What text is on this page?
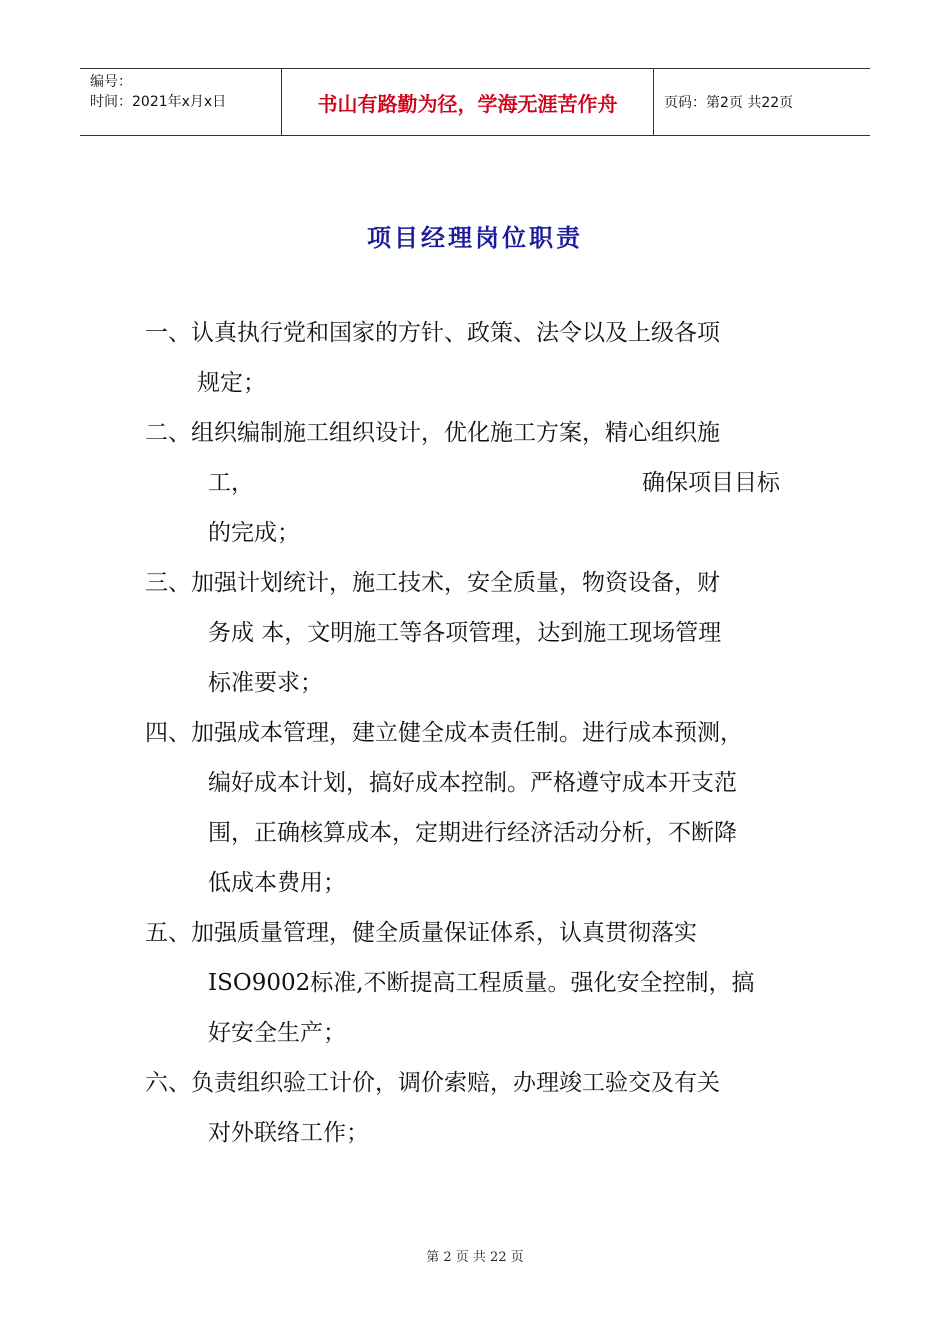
编号：
时间：2021年x月x日	书山有路勤为径，学海无涯苦作舟	页码：第2页 共22页
项目经理岗位职责
一、认真执行党和国家的方针、政策、法令以及上级各项
规定；
二、组织编制施工组织设计，优化施工方案，精心组织施
工，	确保项目目标
的完成；
三、加强计划统计，施工技术，安全质量，物资设备，财
务成 本，文明施工等各项管理，达到施工现场管理
标准要求；
四、加强成本管理，建立健全成本责任制。进行成本预测，
编好成本计划，搞好成本控制。严格遵守成本开支范
围，正确核算成本，定期进行经济活动分析，不断降
低成本费用；
五、加强质量管理，健全质量保证体系，认真贯彻落实
ISO9002标准,不断提高工程质量。强化安全控制，搞
好安全生产；
六、负责组织验工计价，调价索赔，办理竣工验交及有关
对外联络工作；
第 2 页 共 22 页
